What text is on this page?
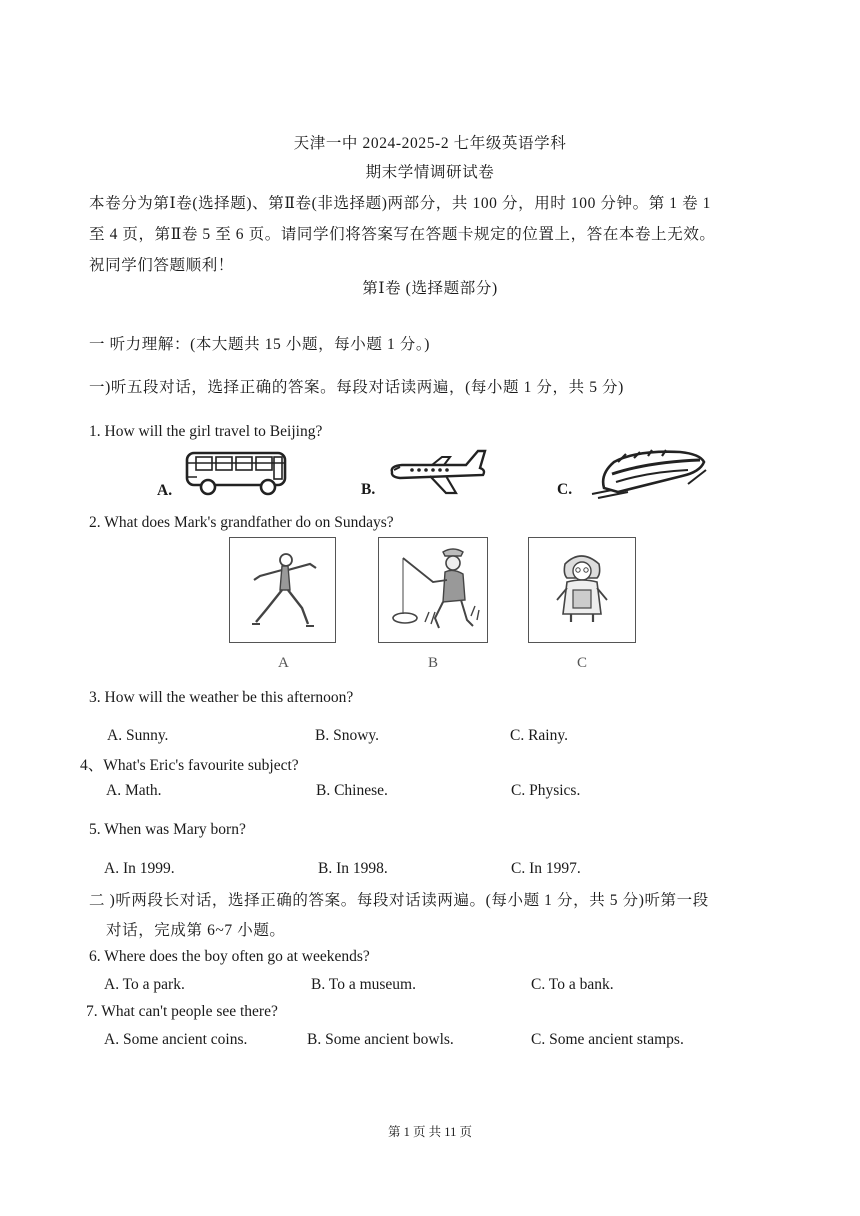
天津一中 2024-2025-2 七年级英语学科
期末学情调研试卷
本卷分为第Ⅰ卷(选择题)、第Ⅱ卷(非选择题)两部分，共 100 分，用时 100 分钟。第 1 卷 1
至 4 页，第Ⅱ卷 5 至 6 页。请同学们将答案写在答题卡规定的位置上，答在本卷上无效。
祝同学们答题顺利！
第Ⅰ卷 (选择题部分)
一 听力理解：(本大题共 15 小题，每小题 1 分。)
一)听五段对话，选择正确的答案。每段对话读两遍，(每小题 1 分，共 5 分)
1. How will the girl travel to Beijing?
A.	B.	C.
2. What does Mark's grandfather do on Sundays?
A	B	C
3. How will the weather be this afternoon?
A. Sunny.	B. Snowy.	C. Rainy.
4、What's Eric's favourite subject?
A. Math.	B. Chinese.	C. Physics.
5. When was Mary born?
A. In 1999.	B. In 1998.	C. In 1997.
二 )听两段长对话，选择正确的答案。每段对话读两遍。(每小题 1 分，共 5 分)听第一段
对话，完成第 6~7 小题。
6. Where does the boy often go at weekends?
A. To a park.	B. To a museum.	C. To a bank.
7. What can't people see there?
A. Some ancient coins.	B. Some ancient bowls.	C. Some ancient stamps.
第 1 页 共 11 页
